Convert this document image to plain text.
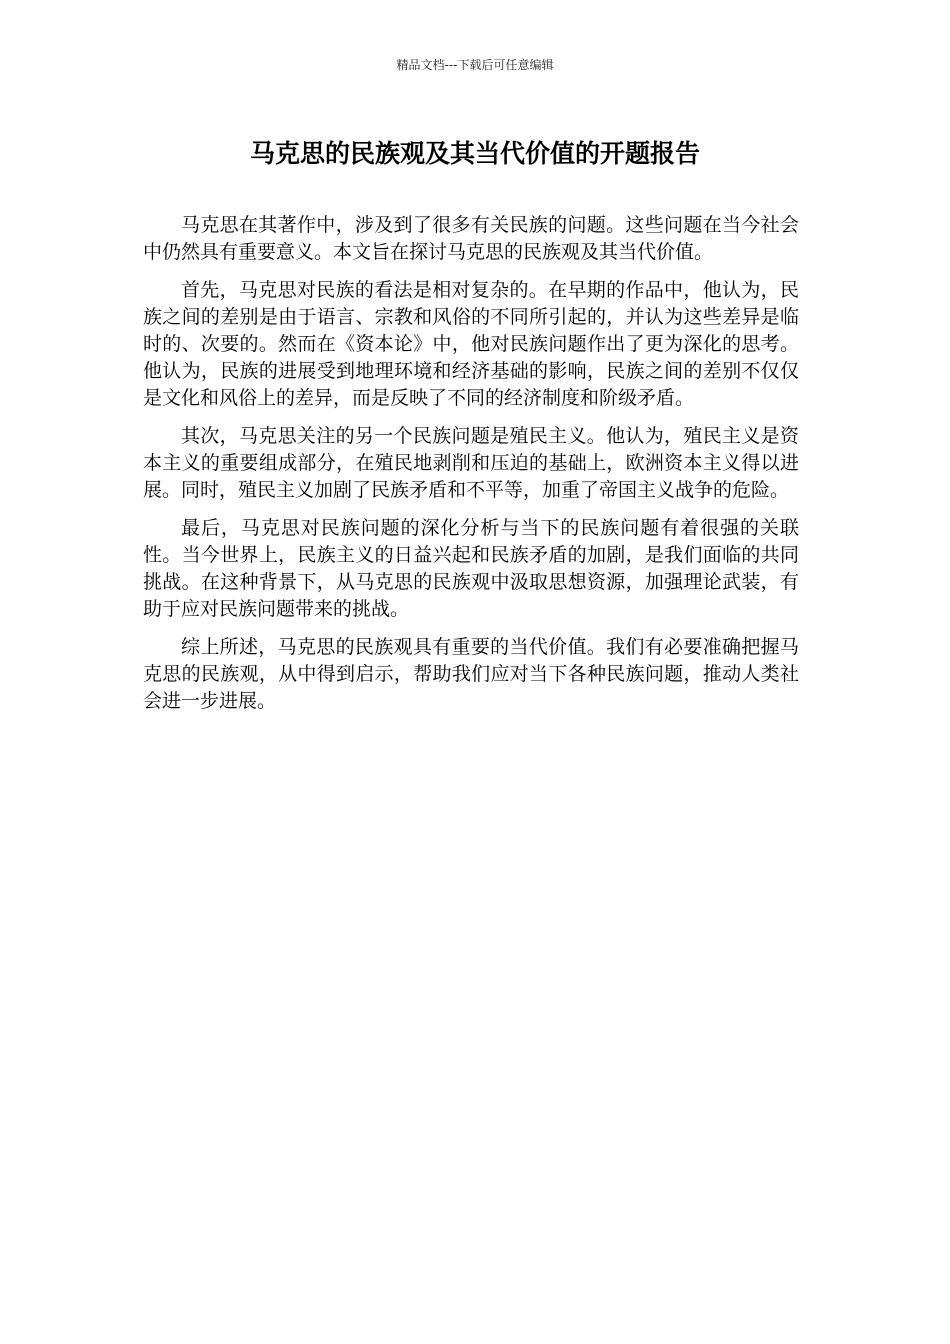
精品文档---下载后可任意编辑
马克思的民族观及其当代价值的开题报告

马克思在其著作中，涉及到了很多有关民族的问题。这些问题在当今社会中仍然具有重要意义。本文旨在探讨马克思的民族观及其当代价值。

首先，马克思对民族的看法是相对复杂的。在早期的作品中，他认为，民族之间的差别是由于语言、宗教和风俗的不同所引起的，并认为这些差异是临时的、次要的。然而在《资本论》中，他对民族问题作出了更为深化的思考。他认为，民族的进展受到地理环境和经济基础的影响，民族之间的差别不仅仅是文化和风俗上的差异，而是反映了不同的经济制度和阶级矛盾。

其次，马克思关注的另一个民族问题是殖民主义。他认为，殖民主义是资本主义的重要组成部分，在殖民地剥削和压迫的基础上，欧洲资本主义得以进展。同时，殖民主义加剧了民族矛盾和不平等，加重了帝国主义战争的危险。

最后，马克思对民族问题的深化分析与当下的民族问题有着很强的关联性。当今世界上，民族主义的日益兴起和民族矛盾的加剧，是我们面临的共同挑战。在这种背景下，从马克思的民族观中汲取思想资源，加强理论武装，有助于应对民族问题带来的挑战。

综上所述，马克思的民族观具有重要的当代价值。我们有必要准确把握马克思的民族观，从中得到启示，帮助我们应对当下各种民族问题，推动人类社会进一步进展。
